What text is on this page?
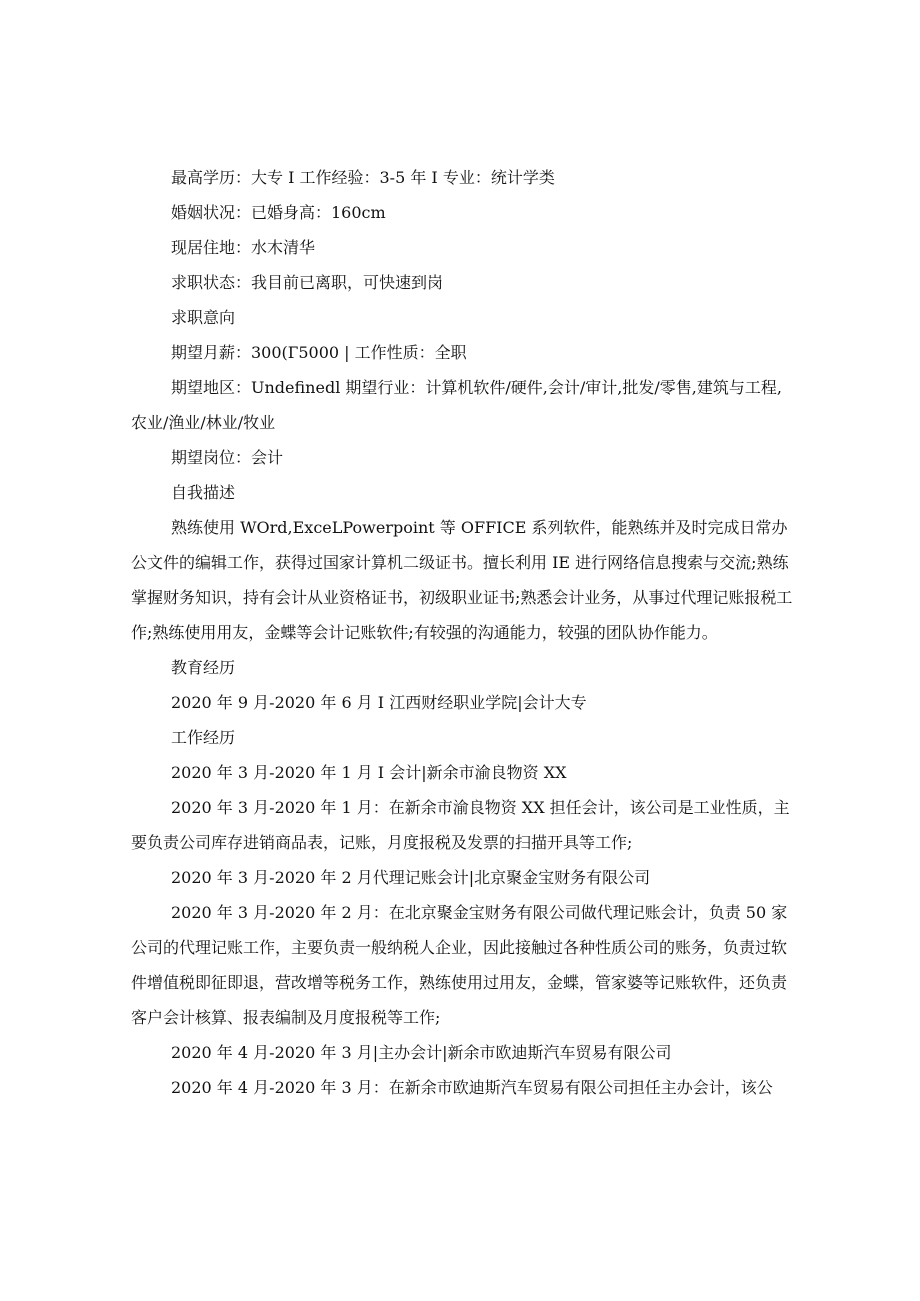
最高学历：大专 I 工作经验：3-5 年 I 专业：统计学类

婚姻状况：已婚身高：160cm

现居住地：水木清华

求职状态：我目前已离职，可快速到岗

求职意向

期望月薪：300(Г5000 | 工作性质：全职

期望地区：Undefinedl 期望行业：计算机软件/硬件,会计/审计,批发/零售,建筑与工程,农业/渔业/林业/牧业

期望岗位：会计

自我描述

熟练使用 WOrd,ExceLPowerpoint 等 OFFICE 系列软件，能熟练并及时完成日常办公文件的编辑工作，获得过国家计算机二级证书。擅长利用 IE 进行网络信息搜索与交流;熟练掌握财务知识，持有会计从业资格证书，初级职业证书;熟悉会计业务，从事过代理记账报税工作;熟练使用用友，金蝶等会计记账软件;有较强的沟通能力，较强的团队协作能力。

教育经历

2020 年 9 月-2020 年 6 月 I 江西财经职业学院|会计大专

工作经历

2020 年 3 月-2020 年 1 月 I 会计|新余市渝良物资 XX

2020 年 3 月-2020 年 1 月：在新余市渝良物资 XX 担任会计，该公司是工业性质，主要负责公司库存进销商品表，记账，月度报税及发票的扫描开具等工作;

2020 年 3 月-2020 年 2 月代理记账会计|北京聚金宝财务有限公司

2020 年 3 月-2020 年 2 月：在北京聚金宝财务有限公司做代理记账会计，负责 50 家公司的代理记账工作，主要负责一般纳税人企业，因此接触过各种性质公司的账务，负责过软件增值税即征即退，营改增等税务工作，熟练使用过用友，金蝶，管家婆等记账软件，还负责客户会计核算、报表编制及月度报税等工作;

2020 年 4 月-2020 年 3 月|主办会计|新余市欧迪斯汽车贸易有限公司

2020 年 4 月-2020 年 3 月：在新余市欧迪斯汽车贸易有限公司担任主办会计，该公
